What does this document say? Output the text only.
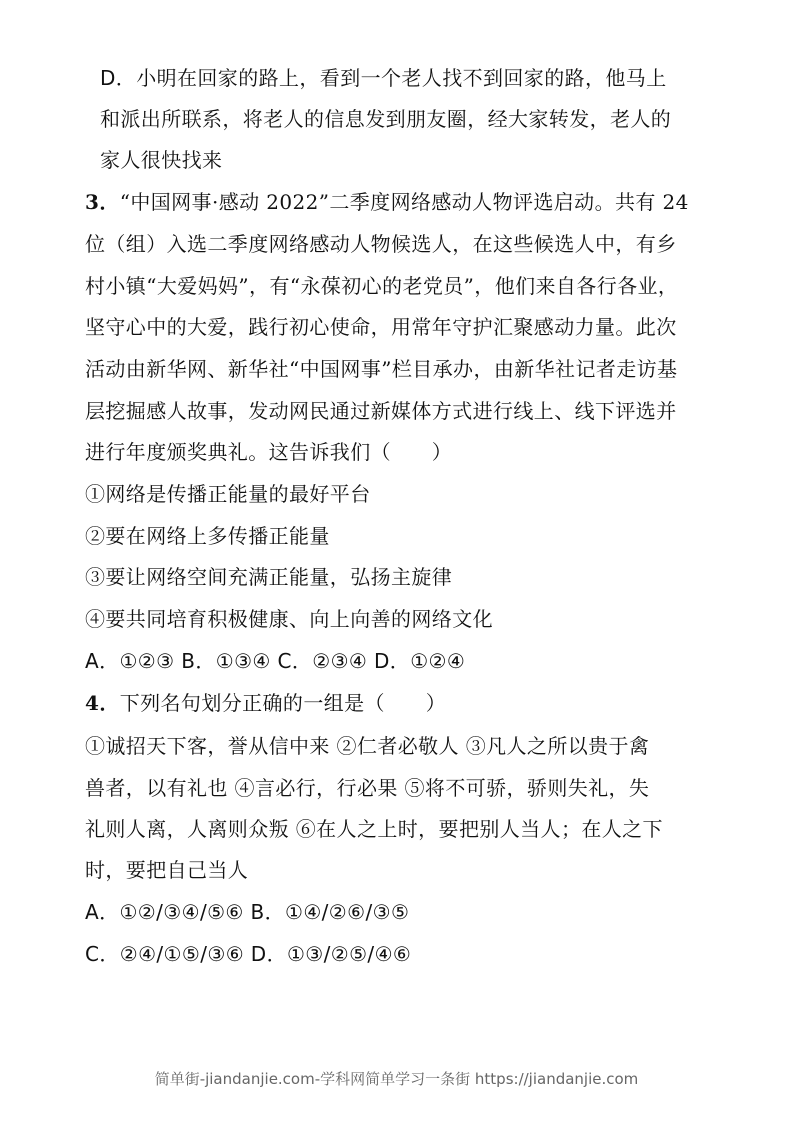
D．小明在回家的路上，看到一个老人找不到回家的路，他马上
和派出所联系，将老人的信息发到朋友圈，经大家转发，老人的
家人很快找来
3．“中国网事·感动 2022”二季度网络感动人物评选启动。共有 24
位（组）入选二季度网络感动人物候选人，在这些候选人中，有乡
村小镇“大爱妈妈”，有“永葆初心的老党员”，他们来自各行各业，
坚守心中的大爱，践行初心使命，用常年守护汇聚感动力量。此次
活动由新华网、新华社“中国网事”栏目承办，由新华社记者走访基
层挖掘感人故事，发动网民通过新媒体方式进行线上、线下评选并
进行年度颁奖典礼。这告诉我们（　　）
①网络是传播正能量的最好平台
②要在网络上多传播正能量
③要让网络空间充满正能量，弘扬主旋律
④要共同培育积极健康、向上向善的网络文化
A．①②③ B．①③④ C．②③④ D．①②④
4．下列名句划分正确的一组是（　　）
①诚招天下客，誉从信中来 ②仁者必敬人 ③凡人之所以贵于禽
兽者，以有礼也 ④言必行，行必果 ⑤将不可骄，骄则失礼，失
礼则人离，人离则众叛 ⑥在人之上时，要把别人当人；在人之下
时，要把自己当人
A．①②/③④/⑤⑥ B．①④/②⑥/③⑤
C．②④/①⑤/③⑥ D．①③/②⑤/④⑥
简单街-jiandanjie.com-学科网简单学习一条街 https://jiandanjie.com
